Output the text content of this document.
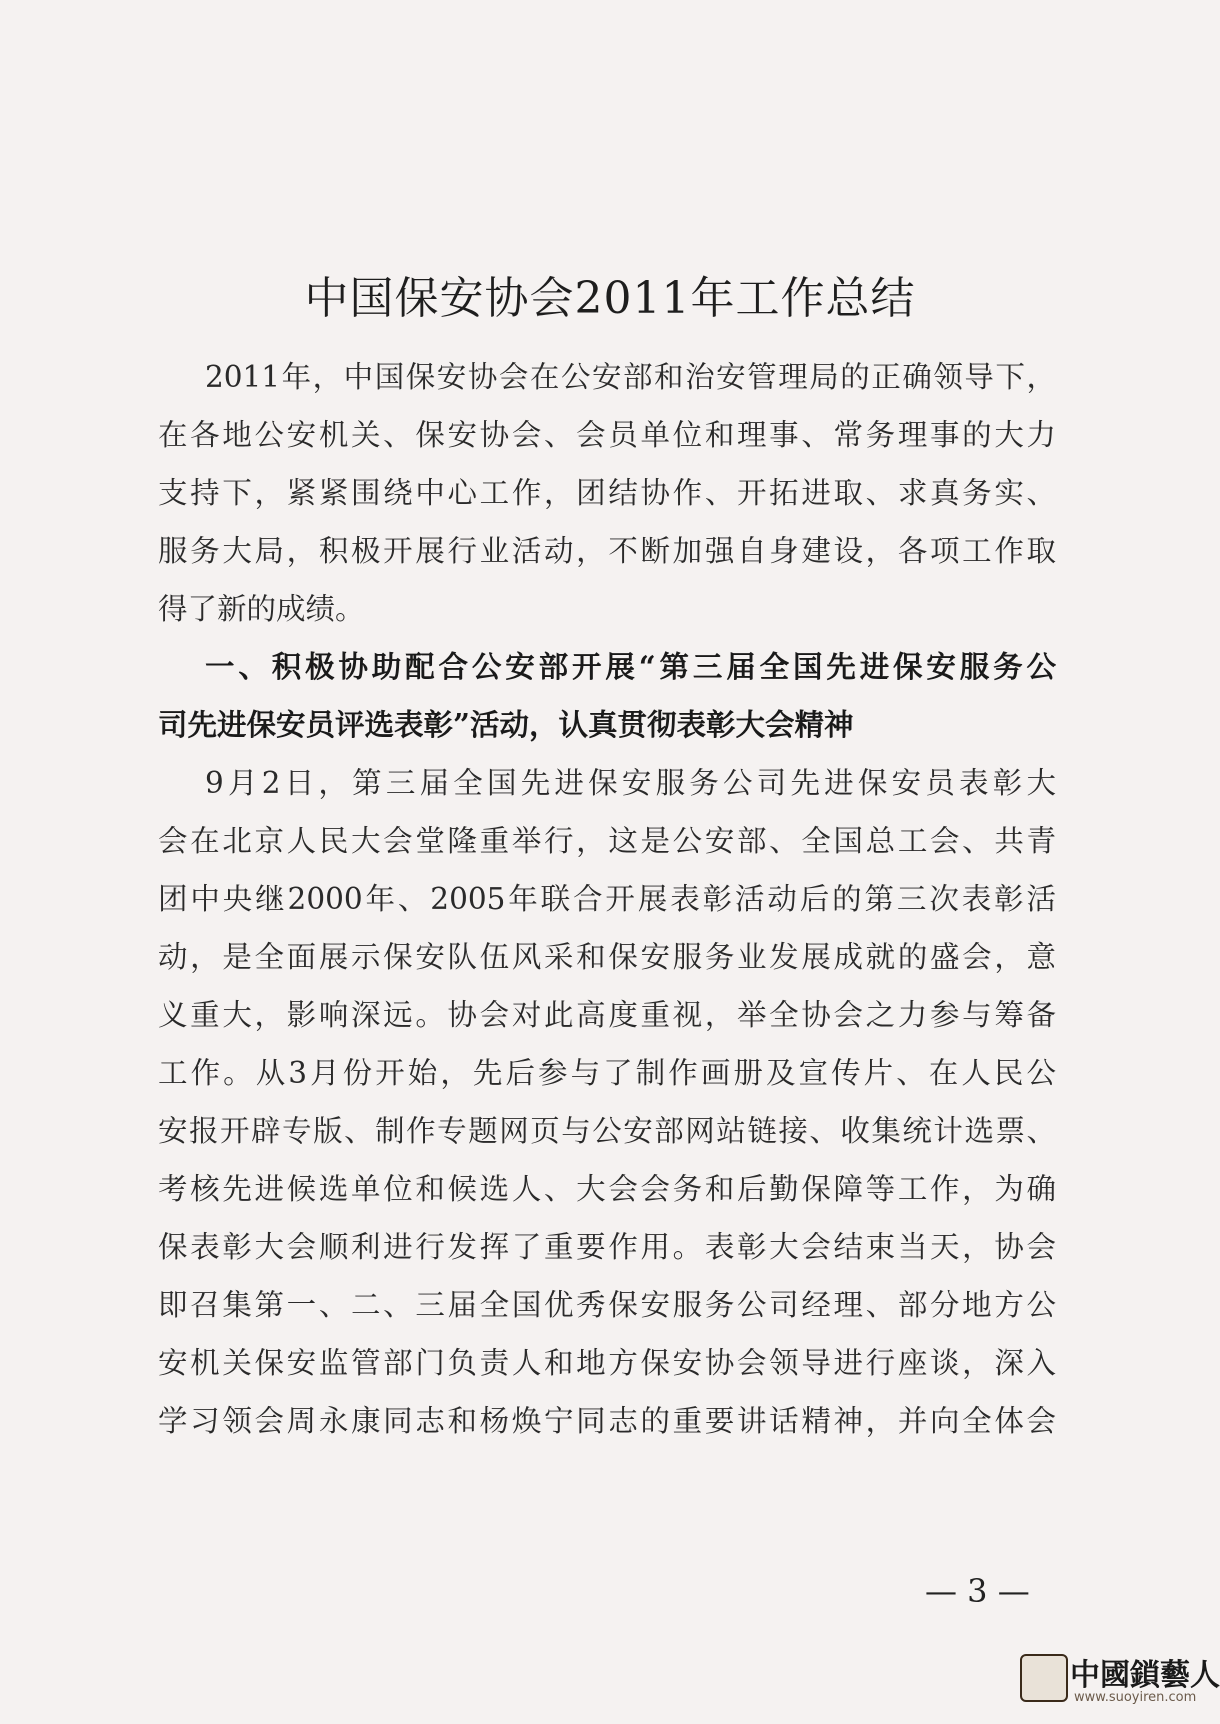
中国保安协会2011年工作总结
2011年，中国保安协会在公安部和治安管理局的正确领导下，
在各地公安机关、保安协会、会员单位和理事、常务理事的大力
支持下，紧紧围绕中心工作，团结协作、开拓进取、求真务实、
服务大局，积极开展行业活动，不断加强自身建设，各项工作取
得了新的成绩。
一、积极协助配合公安部开展“第三届全国先进保安服务公
司先进保安员评选表彰”活动，认真贯彻表彰大会精神
9月2日，第三届全国先进保安服务公司先进保安员表彰大
会在北京人民大会堂隆重举行，这是公安部、全国总工会、共青
团中央继2000年、2005年联合开展表彰活动后的第三次表彰活
动，是全面展示保安队伍风采和保安服务业发展成就的盛会，意
义重大，影响深远。协会对此高度重视，举全协会之力参与筹备
工作。从3月份开始，先后参与了制作画册及宣传片、在人民公
安报开辟专版、制作专题网页与公安部网站链接、收集统计选票、
考核先进候选单位和候选人、大会会务和后勤保障等工作，为确
保表彰大会顺利进行发挥了重要作用。表彰大会结束当天，协会
即召集第一、二、三届全国优秀保安服务公司经理、部分地方公
安机关保安监管部门负责人和地方保安协会领导进行座谈，深入
学习领会周永康同志和杨焕宁同志的重要讲话精神，并向全体会
— 3 —
中國鎖藝人
www.suoyiren.com
